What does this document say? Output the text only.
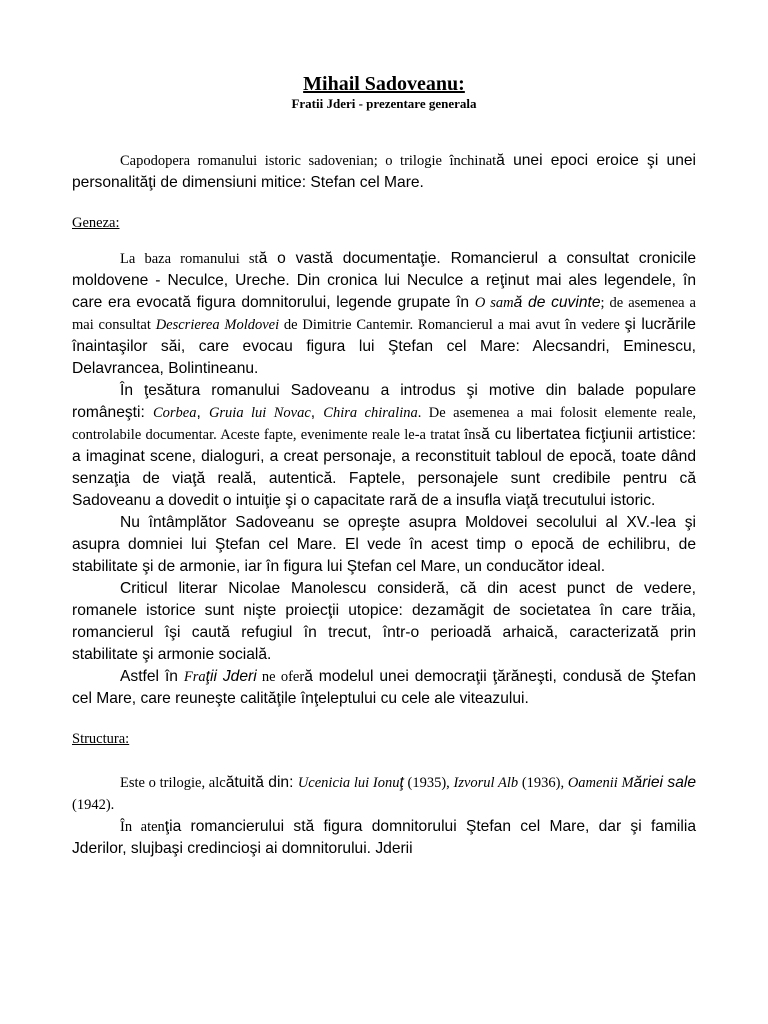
Mihail Sadoveanu:
Fratii Jderi - prezentare generala

Capodopera romanului istoric sadovenian; o trilogie închinată unei epoci eroice şi unei personalităţi de dimensiuni mitice: Stefan cel Mare.

Geneza:

La baza romanului stă o vastă documentaţie. Romancierul a consultat cronicile moldovene - Neculce, Ureche. Din cronica lui Neculce a reţinut mai ales legendele, în care era evocată figura domnitorului, legende grupate în O samă de cuvinte; de asemenea a mai consultat Descrierea Moldovei de Dimitrie Cantemir. Romancierul a mai avut în vedere şi lucrările înaintaşilor săi, care evocau figura lui Ştefan cel Mare: Alecsandri, Eminescu, Delavrancea, Bolintineanu.

În ţesătura romanului Sadoveanu a introdus şi motive din balade populare româneşti: Corbea, Gruia lui Novac, Chira chiralina. De asemenea a mai folosit elemente reale, controlabile documentar. Aceste fapte, evenimente reale le-a tratat însă cu libertatea ficţiunii artistice: a imaginat scene, dialoguri, a creat personaje, a reconstituit tabloul de epocă, toate dând senzaţia de viaţă reală, autentică. Faptele, personajele sunt credibile pentru că Sadoveanu a dovedit o intuiţie şi o capacitate rară de a insufla viaţă trecutului istoric.

Nu întâmplător Sadoveanu se opreşte asupra Moldovei secolului al XV.-lea şi asupra domniei lui Ştefan cel Mare. El vede în acest timp o epocă de echilibru, de stabilitate şi de armonie, iar în figura lui Ştefan cel Mare, un conducător ideal.

Criticul literar Nicolae Manolescu consideră, că din acest punct de vedere, romanele istorice sunt nişte proiecţii utopice: dezamăgit de societatea în care trăia, romancierul îşi caută refugiul în trecut, într-o perioadă arhaică, caracterizată prin stabilitate şi armonie socială.

Astfel în Fraţii Jderi ne oferă modelul unei democraţii ţărăneşti, condusă de Ştefan cel Mare, care reuneşte calităţile înţeleptului cu cele ale viteazului.

Structura:

Este o trilogie, alcătuită din: Ucenicia lui Ionuţ (1935), Izvorul Alb (1936), Oamenii Măriei sale (1942).

În atenţia romancierului stă figura domnitorului Ştefan cel Mare, dar şi familia Jderilor, slujbaşi credincioşi ai domnitorului. Jderii
